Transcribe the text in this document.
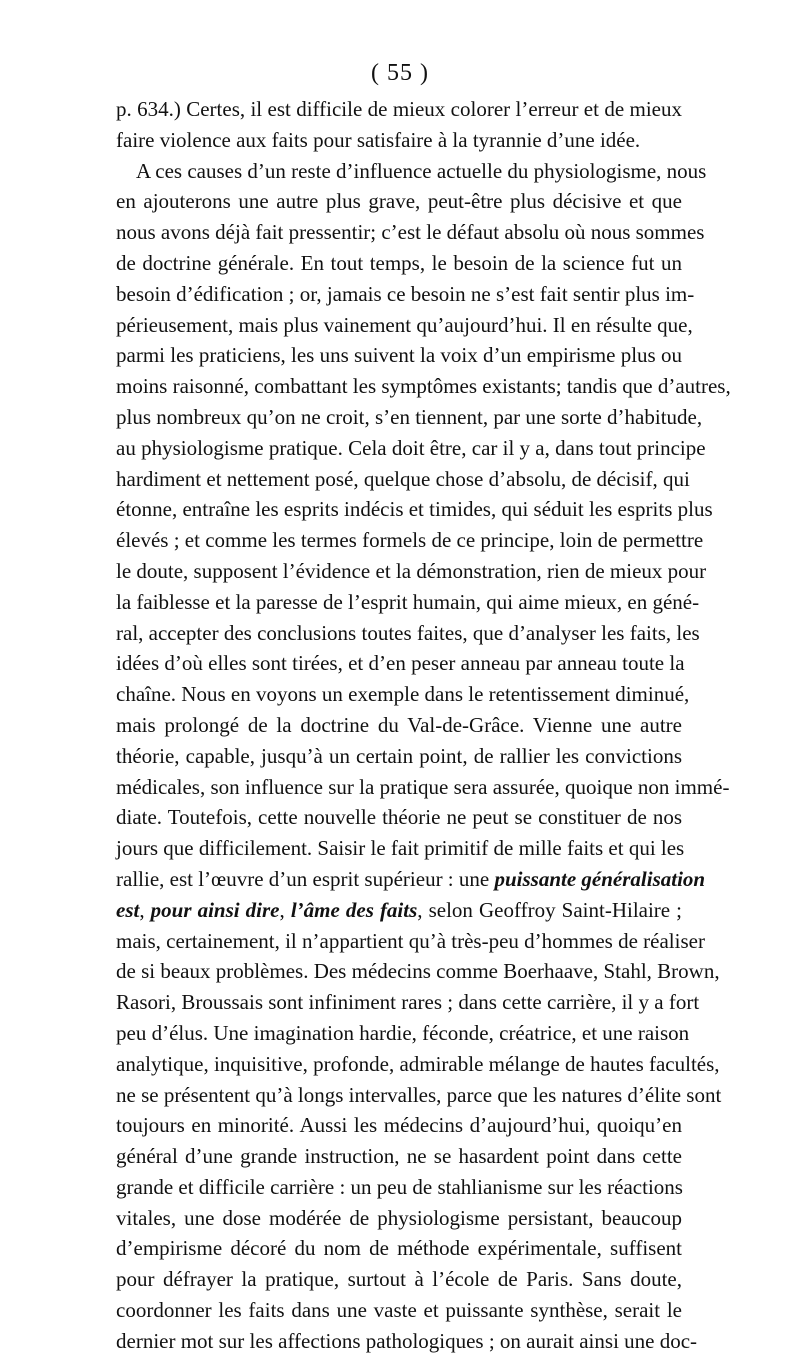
( 55 )
p. 634.) Certes, il est difficile de mieux colorer l’erreur et de mieux
faire violence aux faits pour satisfaire à la tyrannie d’une idée.
A ces causes d’un reste d’influence actuelle du physiologisme, nous
en ajouterons une autre plus grave, peut-être plus décisive et que
nous avons déjà fait pressentir; c’est le défaut absolu où nous sommes
de doctrine générale. En tout temps, le besoin de la science fut un
besoin d’édification ; or, jamais ce besoin ne s’est fait sentir plus im-
périeusement, mais plus vainement qu’aujourd’hui. Il en résulte que,
parmi les praticiens, les uns suivent la voix d’un empirisme plus ou
moins raisonné, combattant les symptômes existants; tandis que d’autres,
plus nombreux qu’on ne croit, s’en tiennent, par une sorte d’habitude,
au physiologisme pratique. Cela doit être, car il y a, dans tout principe
hardiment et nettement posé, quelque chose d’absolu, de décisif, qui
étonne, entraîne les esprits indécis et timides, qui séduit les esprits plus
élevés ; et comme les termes formels de ce principe, loin de permettre
le doute, supposent l’évidence et la démonstration, rien de mieux pour
la faiblesse et la paresse de l’esprit humain, qui aime mieux, en géné-
ral, accepter des conclusions toutes faites, que d’analyser les faits, les
idées d’où elles sont tirées, et d’en peser anneau par anneau toute la
chaîne. Nous en voyons un exemple dans le retentissement diminué,
mais prolongé de la doctrine du Val-de-Grâce. Vienne une autre
théorie, capable, jusqu’à un certain point, de rallier les convictions
médicales, son influence sur la pratique sera assurée, quoique non immé-
diate. Toutefois, cette nouvelle théorie ne peut se constituer de nos
jours que difficilement. Saisir le fait primitif de mille faits et qui les
rallie, est l’œuvre d’un esprit supérieur : une puissante généralisation
est, pour ainsi dire, l’âme des faits, selon Geoffroy Saint-Hilaire ;
mais, certainement, il n’appartient qu’à très-peu d’hommes de réaliser
de si beaux problèmes. Des médecins comme Boerhaave, Stahl, Brown,
Rasori, Broussais sont infiniment rares ; dans cette carrière, il y a fort
peu d’élus. Une imagination hardie, féconde, créatrice, et une raison
analytique, inquisitive, profonde, admirable mélange de hautes facultés,
ne se présentent qu’à longs intervalles, parce que les natures d’élite sont
toujours en minorité. Aussi les médecins d’aujourd’hui, quoiqu’en
général d’une grande instruction, ne se hasardent point dans cette
grande et difficile carrière : un peu de stahlianisme sur les réactions
vitales, une dose modérée de physiologisme persistant, beaucoup
d’empirisme décoré du nom de méthode expérimentale, suffisent
pour défrayer la pratique, surtout à l’école de Paris. Sans doute,
coordonner les faits dans une vaste et puissante synthèse, serait le
dernier mot sur les affections pathologiques ; on aurait ainsi une doc-
